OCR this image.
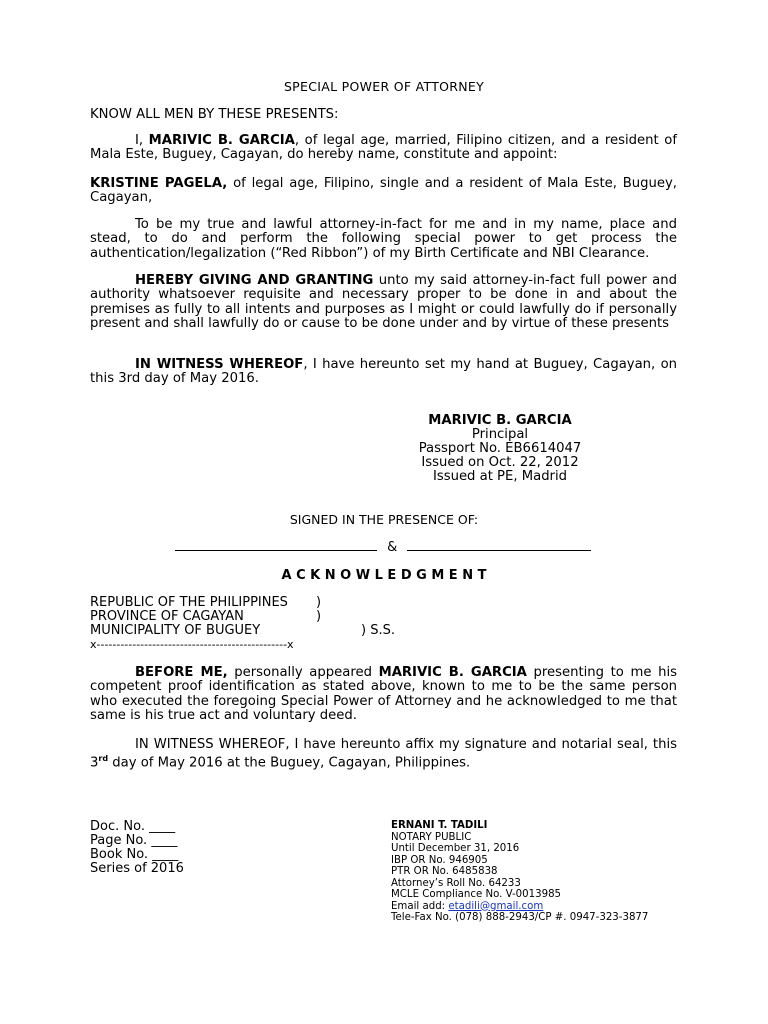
SPECIAL POWER OF ATTORNEY
KNOW ALL MEN BY THESE PRESENTS:
I, MARIVIC B. GARCIA, of legal age, married, Filipino citizen, and a resident of Mala Este, Buguey, Cagayan, do hereby name, constitute and appoint:
KRISTINE PAGELA, of legal age, Filipino, single and a resident of Mala Este, Buguey, Cagayan,
To be my true and lawful attorney-in-fact for me and in my name, place and stead, to do and perform the following special power to get process the authentication/legalization (“Red Ribbon”) of my Birth Certificate and NBI Clearance.
HEREBY GIVING AND GRANTING unto my said attorney-in-fact full power and authority whatsoever requisite and necessary proper to be done in and about the premises as fully to all intents and purposes as I might or could lawfully do if personally present and shall lawfully do or cause to be done under and by virtue of these presents
IN WITNESS WHEREOF, I have hereunto set my hand at Buguey, Cagayan, on this 3rd day of May 2016.
MARIVIC B. GARCIA
Principal
Passport No. EB6614047
Issued on Oct. 22, 2012
Issued at PE, Madrid
SIGNED IN THE PRESENCE OF:
&
A C K N O W L E D G M E N T
REPUBLIC OF THE PHILIPPINES )
PROVINCE OF CAGAYAN	)
MUNICIPALITY OF BUGUEY	) S.S.
x------------------------------------------------x
BEFORE ME, personally appeared MARIVIC B. GARCIA presenting to me his competent proof identification as stated above, known to me to be the same person who executed the foregoing Special Power of Attorney and he acknowledged to me that same is his true act and voluntary deed.
IN WITNESS WHEREOF, I have hereunto affix my signature and notarial seal, this 3rd day of May 2016 at the Buguey, Cagayan, Philippines.
Doc. No. ____
Page No. ____
Book No. ____
Series of 2016
ERNANI T. TADILI
NOTARY PUBLIC
Until December 31, 2016
IBP OR No. 946905
PTR OR No. 6485838
Attorney’s Roll No. 64233
MCLE Compliance No. V-0013985
Email add: etadili@gmail.com
Tele-Fax No. (078) 888-2943/CP #. 0947-323-3877
